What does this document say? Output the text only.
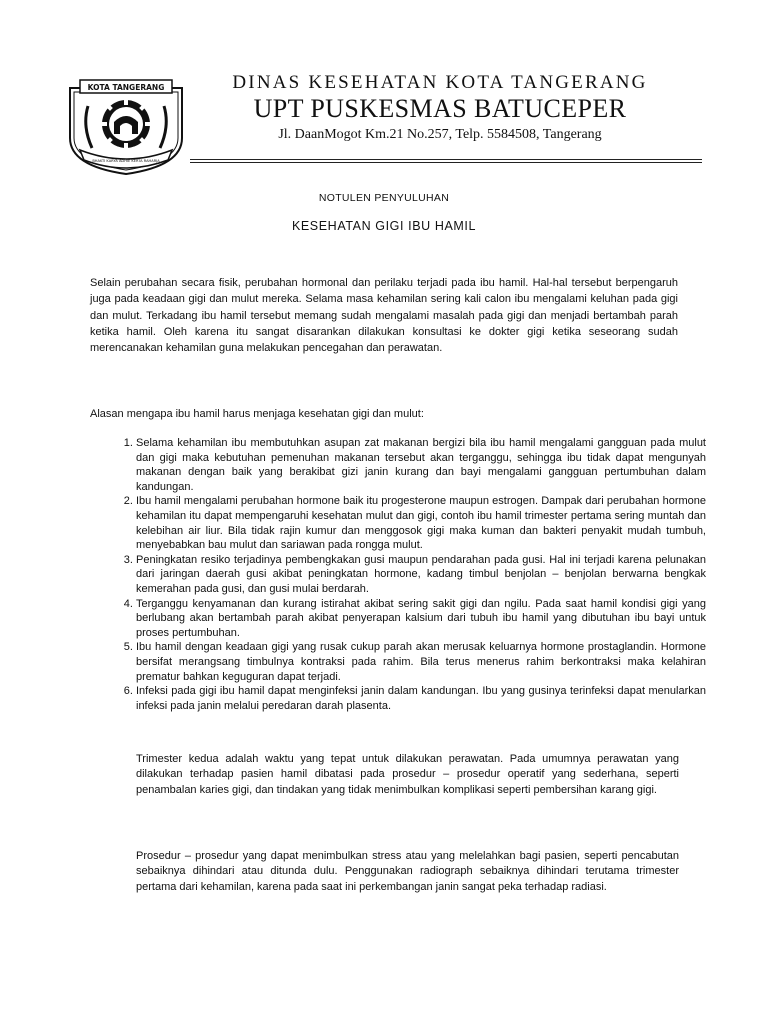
KOTA TANGERANG
BHAKTI KARYA ADHIE KERTA RAHARJA
DINAS KESEHATAN KOTA TANGERANG
UPT PUSKESMAS BATUCEPER
Jl. DaanMogot Km.21 No.257, Telp. 5584508, Tangerang
NOTULEN PENYULUHAN
KESEHATAN GIGI IBU HAMIL
Selain perubahan secara fisik, perubahan hormonal dan perilaku terjadi pada ibu hamil. Hal-hal tersebut berpengaruh juga pada keadaan gigi dan mulut mereka. Selama masa kehamilan sering kali calon ibu mengalami keluhan pada gigi dan mulut. Terkadang ibu hamil tersebut memang sudah mengalami masalah pada gigi dan menjadi bertambah parah ketika hamil. Oleh karena itu sangat disarankan dilakukan konsultasi ke dokter gigi ketika seseorang sudah merencanakan kehamilan guna melakukan pencegahan dan perawatan.
Alasan mengapa ibu hamil harus menjaga kesehatan gigi dan mulut:
1. Selama kehamilan ibu membutuhkan asupan zat makanan bergizi bila ibu hamil mengalami gangguan pada mulut dan gigi maka kebutuhan pemenuhan makanan tersebut akan terganggu, sehingga ibu tidak dapat mengunyah makanan dengan baik yang berakibat gizi janin kurang dan bayi mengalami gangguan pertumbuhan dalam kandungan.
2. Ibu hamil mengalami perubahan hormone baik itu progesterone maupun estrogen. Dampak dari perubahan hormone kehamilan itu dapat mempengaruhi kesehatan mulut dan gigi, contoh ibu hamil trimester pertama sering muntah dan kelebihan air liur. Bila tidak rajin kumur dan menggosok gigi maka kuman dan bakteri penyakit mudah tumbuh, menyebabkan bau mulut dan sariawan pada rongga mulut.
3. Peningkatan resiko terjadinya pembengkakan gusi maupun pendarahan pada gusi. Hal ini terjadi karena pelunakan dari jaringan daerah gusi akibat peningkatan hormone, kadang timbul benjolan – benjolan berwarna bengkak kemerahan pada gusi, dan gusi mulai berdarah.
4. Terganggu kenyamanan dan kurang istirahat akibat sering sakit gigi dan ngilu. Pada saat hamil kondisi gigi yang berlubang akan bertambah parah akibat penyerapan kalsium dari tubuh ibu hamil yang dibutuhan ibu bayi untuk proses pertumbuhan.
5. Ibu hamil dengan keadaan gigi yang rusak cukup parah akan merusak keluarnya hormone prostaglandin. Hormone bersifat merangsang timbulnya kontraksi pada rahim. Bila terus menerus rahim berkontraksi maka kelahiran prematur bahkan keguguran dapat terjadi.
6. Infeksi pada gigi ibu hamil dapat menginfeksi janin dalam kandungan. Ibu yang gusinya terinfeksi dapat menularkan infeksi pada janin melalui peredaran darah plasenta.
Trimester kedua adalah waktu yang tepat untuk dilakukan perawatan. Pada umumnya perawatan yang dilakukan terhadap pasien hamil dibatasi pada prosedur – prosedur operatif yang sederhana, seperti penambalan karies gigi, dan tindakan yang tidak menimbulkan komplikasi seperti pembersihan karang gigi.
Prosedur – prosedur yang dapat menimbulkan stress atau yang melelahkan bagi pasien, seperti pencabutan sebaiknya dihindari atau ditunda dulu. Penggunakan radiograph sebaiknya dihindari terutama trimester pertama dari kehamilan, karena pada saat ini perkembangan janin sangat peka terhadap radiasi.
